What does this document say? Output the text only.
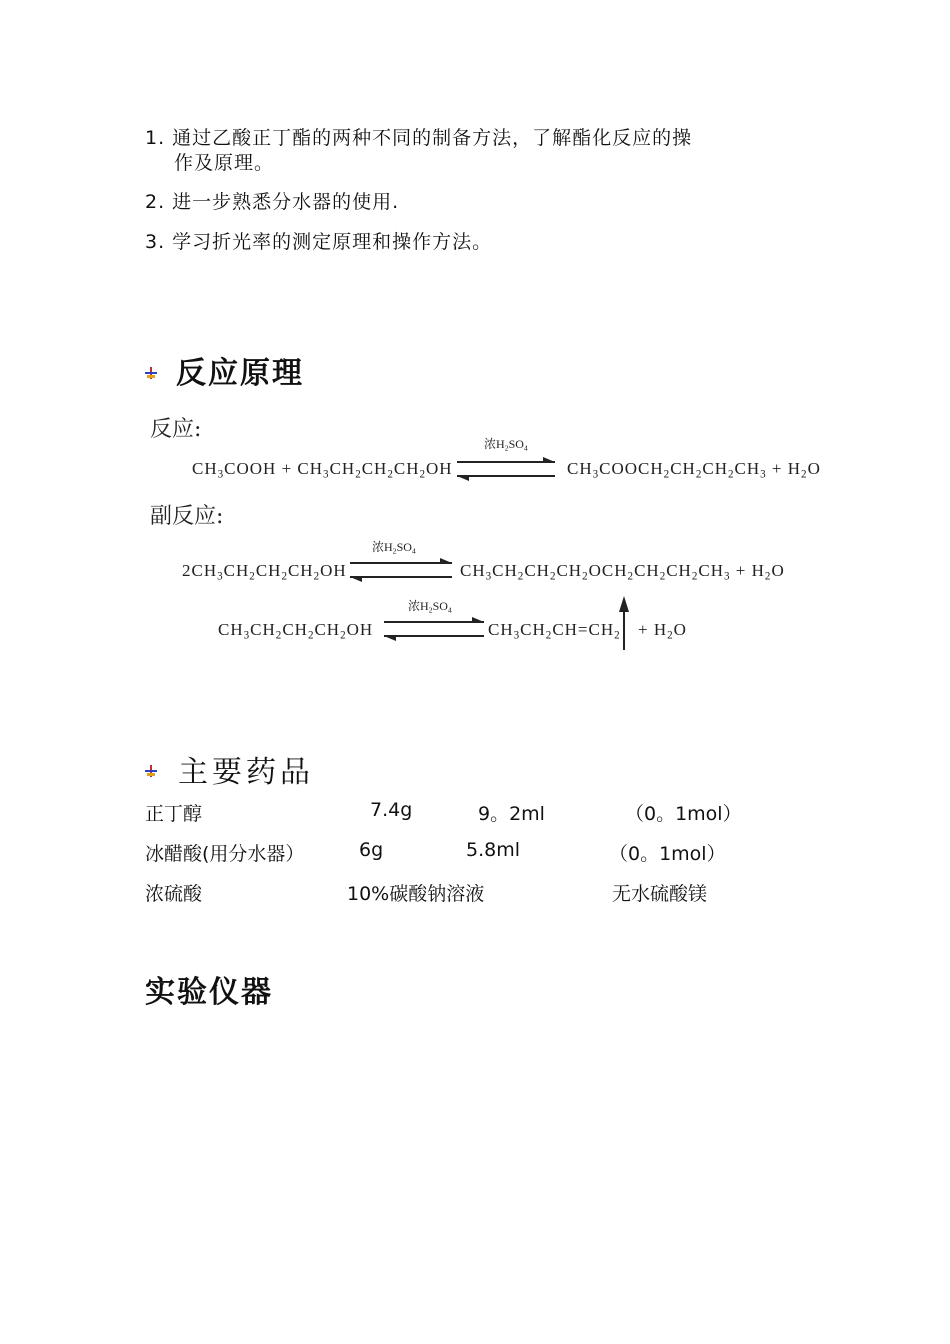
1. 通过乙酸正丁酯的两种不同的制备方法，了解酯化反应的操
作及原理。
2. 进一步熟悉分水器的使用.
3. 学习折光率的测定原理和操作方法。
反应原理
反应:
$CH_3COOH + CH_3CH_2CH_2CH_2OH$
浓$H_2SO_4$
$CH_3COOCH_2CH_2CH_2CH_3 + H_2O$
副反应:
$2CH_3CH_2CH_2CH_2OH$
浓$H_2SO_4$
$CH_3CH_2CH_2CH_2OCH_2CH_2CH_2CH_3 + H_2O$
$CH_3CH_2CH_2CH_2OH$
浓$H_2SO_4$
$CH_3CH_2CH=CH_2 + H_2O$
主要药品
正丁醇	7.4g	9。2ml	（0。1mol）
冰醋酸(用分水器）	6g	5.8ml	（0。1mol）
浓硫酸	10%碳酸钠溶液	无水硫酸镁
实验仪器
